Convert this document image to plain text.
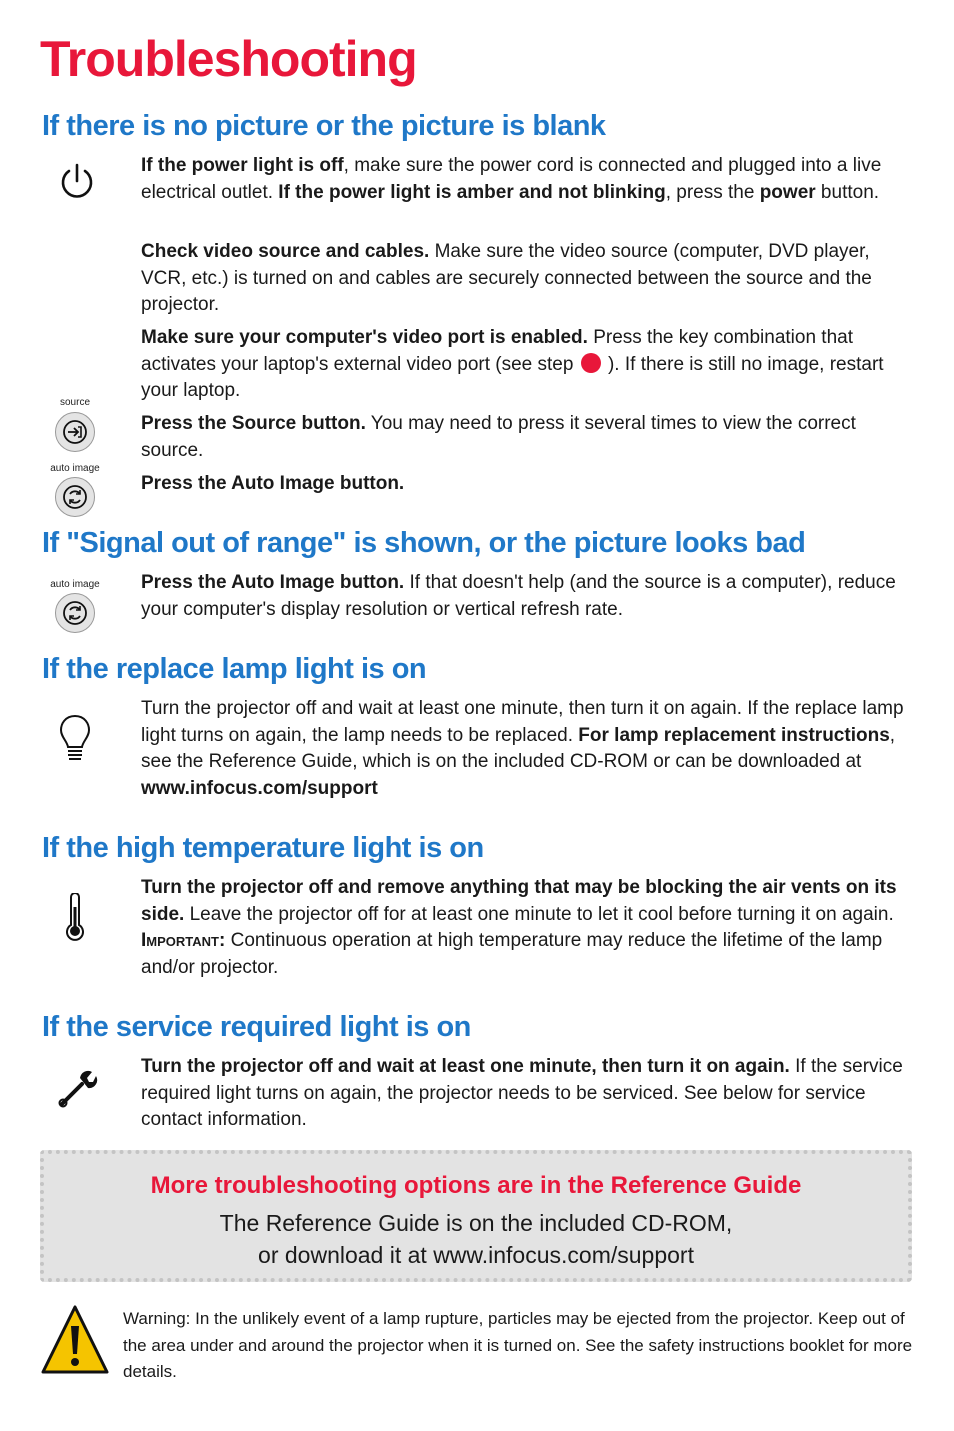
Troubleshooting
If there is no picture or the picture is blank
If the power light is off, make sure the power cord is connected and plugged into a live electrical outlet. If the power light is amber and not blinking, press the power button.
Check video source and cables. Make sure the video source (computer, DVD player, VCR, etc.) is turned on and cables are securely connected between the source and the projector.
Make sure your computer's video port is enabled. Press the key combination that activates your laptop's external video port (see step  ). If there is still no image, restart your laptop.
source
Press the Source button. You may need to press it several times to view the correct source.
auto image
Press the Auto Image button.
If "Signal out of range" is shown, or the picture looks bad
auto image Press the Auto Image button. If that doesn't help (and the source is a computer), reduce your computer's display resolution or vertical refresh rate.
If the replace lamp light is on
Turn the projector off and wait at least one minute, then turn it on again. If the replace lamp light turns on again, the lamp needs to be replaced. For lamp replacement instructions, see the Reference Guide, which is on the included CD-ROM or can be downloaded at www.infocus.com/support
If the high temperature light is on
Turn the projector off and remove anything that may be blocking the air vents on its side. Leave the projector off for at least one minute to let it cool before turning it on again. Important: Continuous operation at high temperature may reduce the lifetime of the lamp and/or projector.
If the service required light is on
Turn the projector off and wait at least one minute, then turn it on again. If the service required light turns on again, the projector needs to be serviced. See below for service contact information.
More troubleshooting options are in the Reference Guide
The Reference Guide is on the included CD-ROM,
or download it at www.infocus.com/support
Warning: In the unlikely event of a lamp rupture, particles may be ejected from the projector. Keep out of the area under and around the projector when it is turned on. See the safety instructions booklet for more details.
